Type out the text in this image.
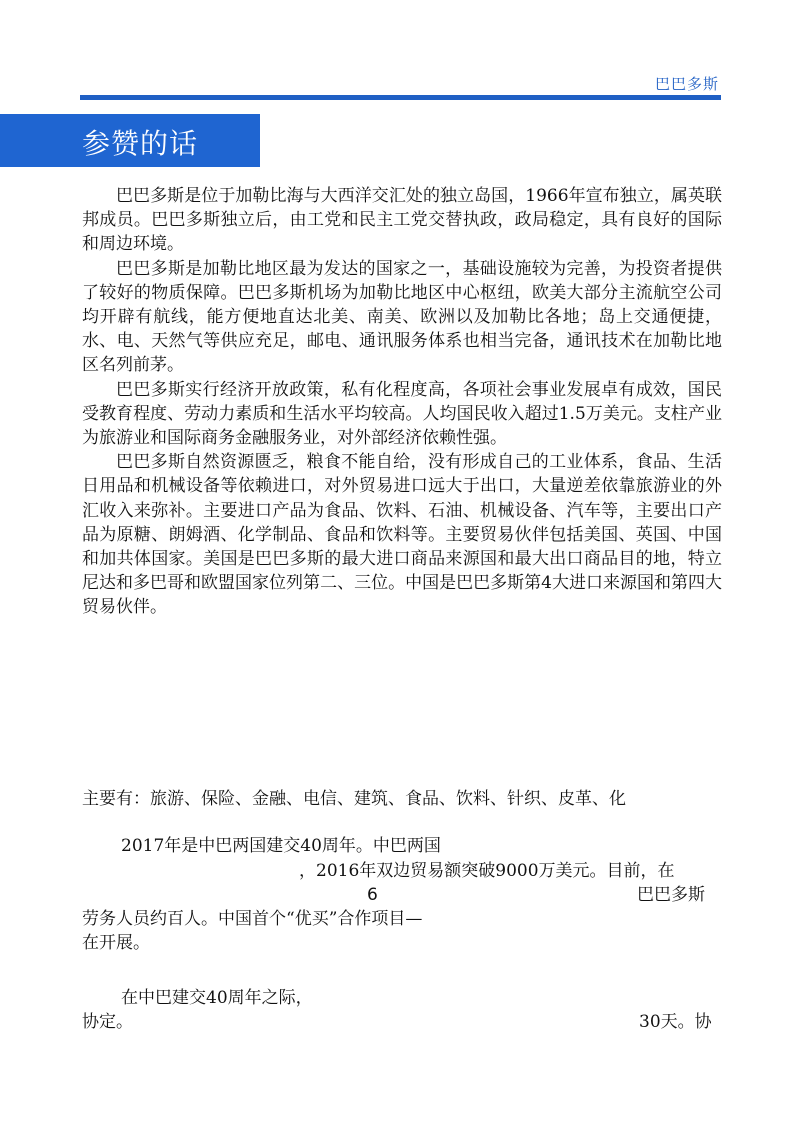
巴巴多斯
参赞的话

巴巴多斯是位于加勒比海与大西洋交汇处的独立岛国，1966年宣布独立，属英联邦成员。巴巴多斯独立后，由工党和民主工党交替执政，政局稳定，具有良好的国际和周边环境。

巴巴多斯是加勒比地区最为发达的国家之一，基础设施较为完善，为投资者提供了较好的物质保障。巴巴多斯机场为加勒比地区中心枢纽，欧美大部分主流航空公司均开辟有航线，能方便地直达北美、南美、欧洲以及加勒比各地；岛上交通便捷，水、电、天然气等供应充足，邮电、通讯服务体系也相当完备，通讯技术在加勒比地区名列前茅。

巴巴多斯实行经济开放政策，私有化程度高，各项社会事业发展卓有成效，国民受教育程度、劳动力素质和生活水平均较高。人均国民收入超过1.5万美元。支柱产业为旅游业和国际商务金融服务业，对外部经济依赖性强。

巴巴多斯自然资源匮乏，粮食不能自给，没有形成自己的工业体系，食品、生活日用品和机械设备等依赖进口，对外贸易进口远大于出口，大量逆差依靠旅游业的外汇收入来弥补。主要进口产品为食品、饮料、石油、机械设备、汽车等，主要出口产品为原糖、朗姆酒、化学制品、食品和饮料等。主要贸易伙伴包括美国、英国、中国和加共体国家。美国是巴巴多斯的最大进口商品来源国和最大出口商品目的地，特立尼达和多巴哥和欧盟国家位列第二、三位。中国是巴巴多斯第4大进口来源国和第四大贸易伙伴。

主要有：旅游、保险、金融、电信、建筑、食品、饮料、针织、皮革、化
2017年是中巴两国建交40周年。中巴两国
，2016年双边贸易额突破9000万美元。目前，在
6	巴巴多斯
劳务人员约百人。中国首个“优买”合作项目—
在开展。
在中巴建交40周年之际，
协定。	30天。协
